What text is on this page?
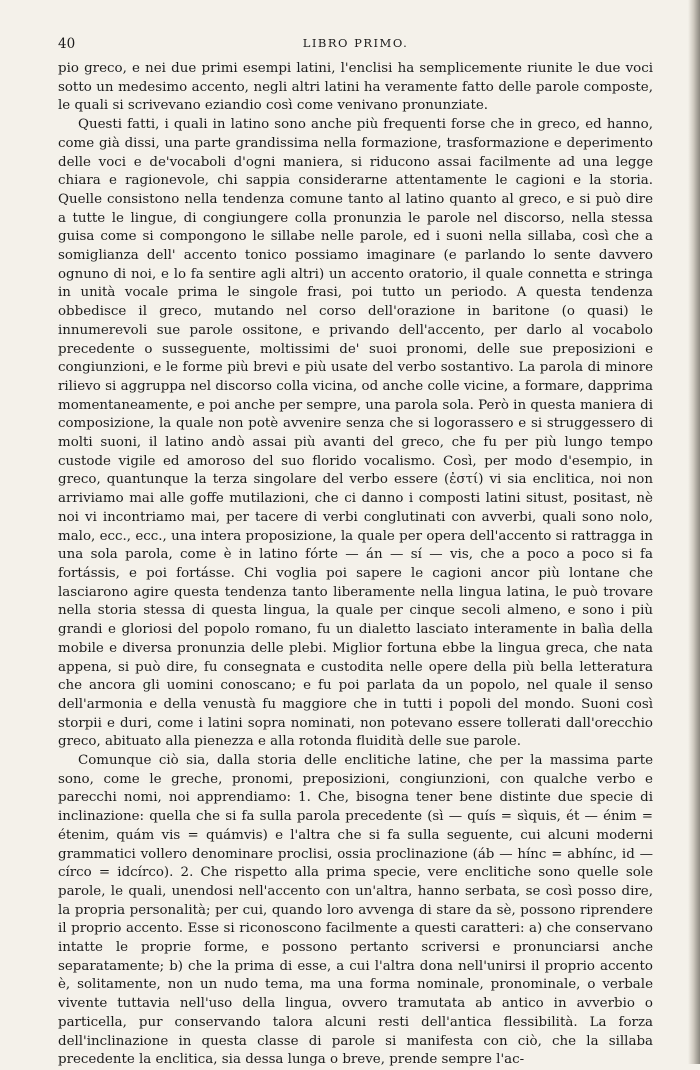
40	LIBRO PRIMO.

pio greco, e nei due primi esempi latini, l'enclisi ha semplicemente riunite le due voci sotto un medesimo accento, negli altri latini ha veramente fatto delle parole composte, le quali si scrivevano eziandio così come venivano pronunziate.

Questi fatti, i quali in latino sono anche più frequenti forse che in greco, ed hanno, come già dissi, una parte grandissima nella formazione, trasformazione e deperimento delle voci e de'vocaboli d'ogni maniera, si riducono assai facilmente ad una legge chiara e ragionevole, chi sappia considerarne attentamente le cagioni e la storia. Quelle consistono nella tendenza comune tanto al latino quanto al greco, e si può dire a tutte le lingue, di congiungere colla pronunzia le parole nel discorso, nella stessa guisa come si compongono le sillabe nelle parole, ed i suoni nella sillaba, così che a somiglianza dell' accento tonico possiamo imaginare (e parlando lo sente davvero ognuno di noi, e lo fa sentire agli altri) un accento oratorio, il quale connetta e stringa in unità vocale prima le singole frasi, poi tutto un periodo. A questa tendenza obbedisce il greco, mutando nel corso dell'orazione in baritone (o quasi) le innumerevoli sue parole ossitone, e privando dell'accento, per darlo al vocabolo precedente o susseguente, moltissimi de' suoi pronomi, delle sue preposizioni e congiunzioni, e le forme più brevi e più usate del verbo sostantivo. La parola di minore rilievo si aggruppa nel discorso colla vicina, od anche colle vicine, a formare, dapprima momentaneamente, e poi anche per sempre, una parola sola. Però in questa maniera di composizione, la quale non potè avvenire senza che si logorassero e si struggessero di molti suoni, il latino andò assai più avanti del greco, che fu per più lungo tempo custode vigile ed amoroso del suo florido vocalismo. Così, per modo d'esempio, in greco, quantunque la terza singolare del verbo essere (ἐστί) vi sia enclitica, noi non arriviamo mai alle goffe mutilazioni, che ci danno i composti latini situst, positast, nè noi vi incontriamo mai, per tacere di verbi conglutinati con avverbi, quali sono nolo, malo, ecc., ecc., una intera proposizione, la quale per opera dell'accento si rattragga in una sola parola, come è in latino fórte — án — sí — vis, che a poco a poco si fa fortássis, e poi fortásse. Chi voglia poi sapere le cagioni ancor più lontane che lasciarono agire questa tendenza tanto liberamente nella lingua latina, le può trovare nella storia stessa di questa lingua, la quale per cinque secoli almeno, e sono i più grandi e gloriosi del popolo romano, fu un dialetto lasciato interamente in balìa della mobile e diversa pronunzia delle plebi. Miglior fortuna ebbe la lingua greca, che nata appena, si può dire, fu consegnata e custodita nelle opere della più bella letteratura che ancora gli uomini conoscano; e fu poi parlata da un popolo, nel quale il senso dell'armonia e della venustà fu maggiore che in tutti i popoli del mondo. Suoni così storpii e duri, come i latini sopra nominati, non potevano essere tollerati dall'orecchio greco, abituato alla pienezza e alla rotonda fluidità delle sue parole.

Comunque ciò sia, dalla storia delle enclitiche latine, che per la massima parte sono, come le greche, pronomi, preposizioni, congiunzioni, con qualche verbo e parecchi nomi, noi apprendiamo: 1. Che, bisogna tener bene distinte due specie di inclinazione: quella che si fa sulla parola precedente (sì — quís = sìquis, ét — énim = étenim, quám vis = quámvis) e l'altra che si fa sulla seguente, cui alcuni moderni grammatici vollero denominare proclisi, ossia proclinazione (áb — hínc = abhínc, id — círco = idcírco). 2. Che rispetto alla prima specie, vere enclitiche sono quelle sole parole, le quali, unendosi nell'accento con un'altra, hanno serbata, se così posso dire, la propria personalità; per cui, quando loro avvenga di stare da sè, possono riprendere il proprio accento. Esse si riconoscono facilmente a questi caratteri: a) che conservano intatte le proprie forme, e possono pertanto scriversi e pronunciarsi anche separatamente; b) che la prima di esse, a cui l'altra dona nell'unirsi il proprio accento è, solitamente, non un nudo tema, ma una forma nominale, pronominale, o verbale vivente tuttavia nell'uso della lingua, ovvero tramutata ab antico in avverbio o particella, pur conservando talora alcuni resti dell'antica flessibilità. La forza dell'inclinazione in questa classe di parole si manifesta con ciò, che la sillaba precedente la enclitica, sia dessa lunga o breve, prende sempre l'ac-
